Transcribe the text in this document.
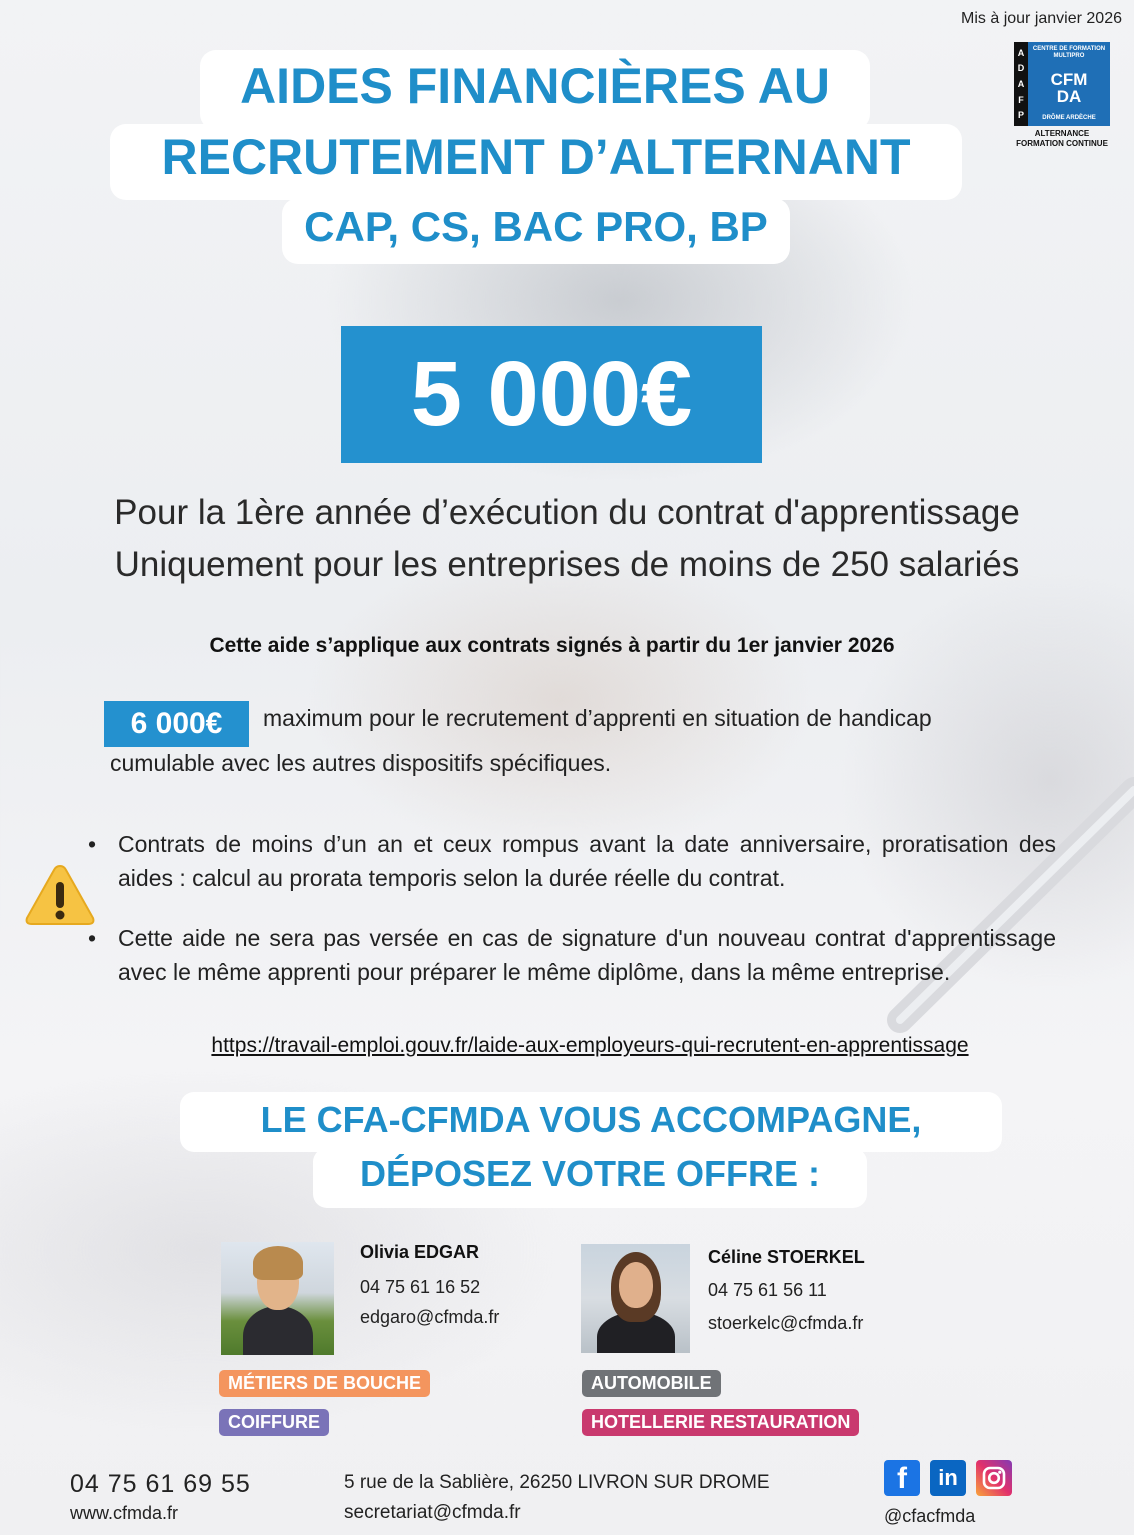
Mis à jour janvier 2026
A
D
A
F
P
CENTRE DE FORMATION MULTIPRO
CFM
DA
DRÔME ARDÈCHE
ALTERNANCE
FORMATION CONTINUE
AIDES FINANCIÈRES AU
RECRUTEMENT D’ALTERNANT
CAP, CS, BAC PRO, BP
5 000€
Pour la 1ère année d’exécution du contrat d'apprentissage
Uniquement pour les entreprises de moins de 250 salariés
Cette aide s’applique aux contrats signés à partir du 1er janvier 2026
6 000€	maximum pour le recrutement d’apprenti en situation de handicap
cumulable avec les autres dispositifs spécifiques.
• Contrats de moins d’un an et ceux rompus avant la date anniversaire, proratisation des aides : calcul au prorata temporis selon la durée réelle du contrat.
• Cette aide ne sera pas versée en cas de signature d'un nouveau contrat d'apprentissage avec le même apprenti pour préparer le même diplôme, dans la même entreprise.
https://travail-emploi.gouv.fr/laide-aux-employeurs-qui-recrutent-en-apprentissage
LE CFA-CFMDA VOUS ACCOMPAGNE,
DÉPOSEZ VOTRE OFFRE :
Olivia EDGAR
04 75 61 16 52
edgaro@cfmda.fr
MÉTIERS DE BOUCHE
COIFFURE
Céline STOERKEL
04 75 61 56 11
stoerkelc@cfmda.fr
AUTOMOBILE
HOTELLERIE RESTAURATION
04 75 61 69 55
www.cfmda.fr
5 rue de la Sablière, 26250 LIVRON SUR DROME
secretariat@cfmda.fr
f	in
@cfacfmda
